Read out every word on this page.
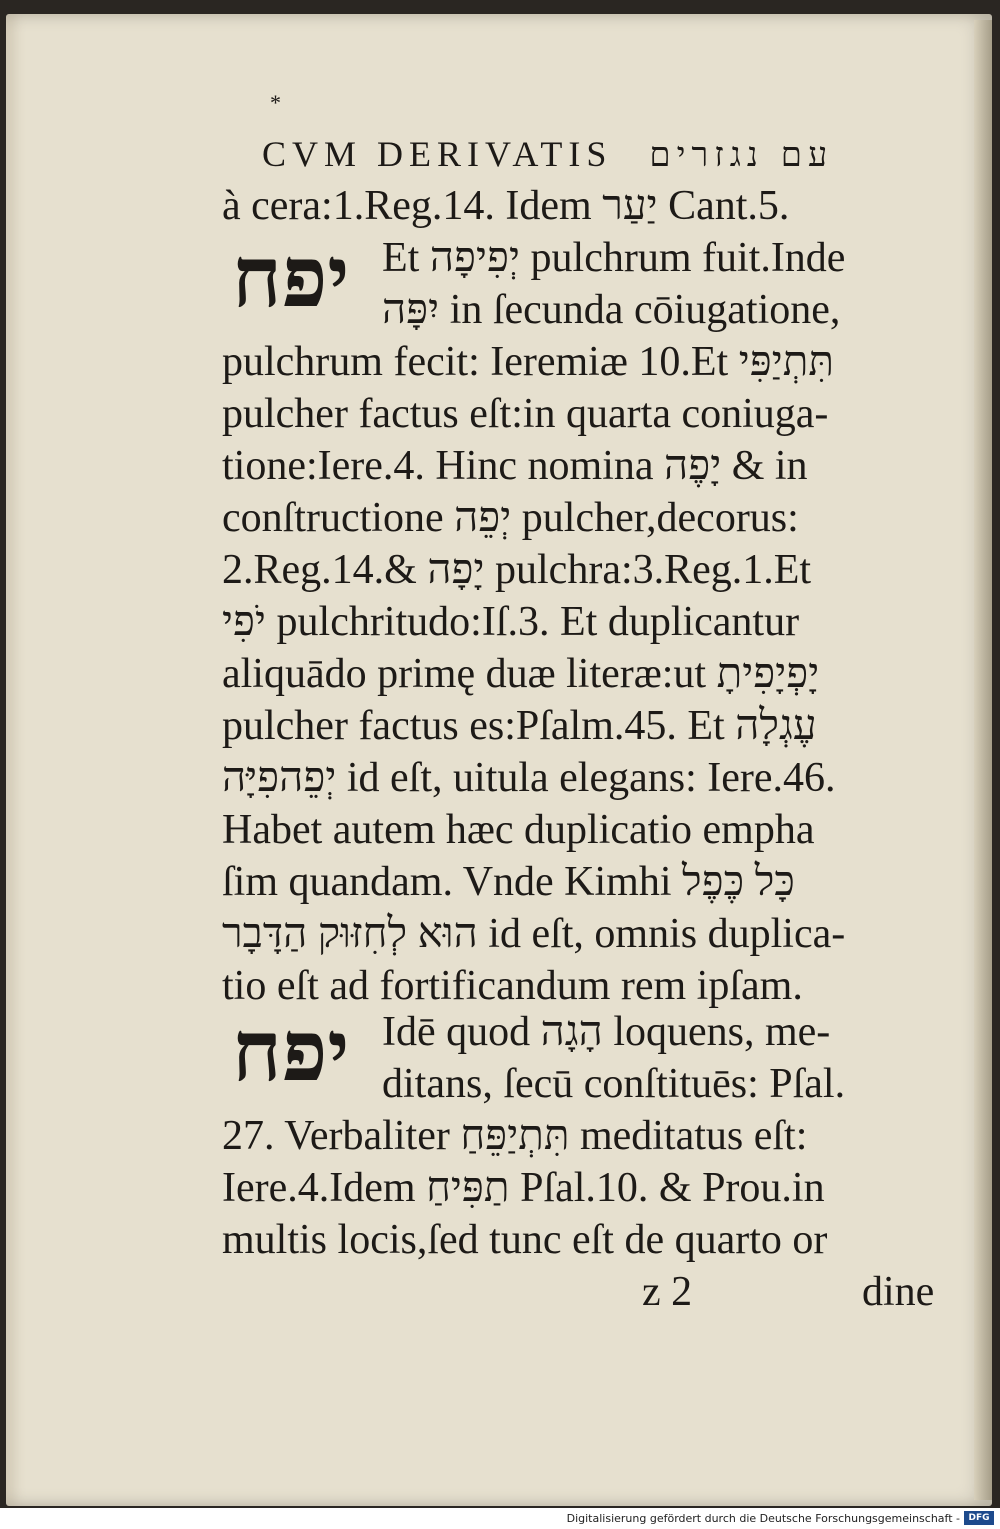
*
CVM DERIVATIS עם נגזרים
à cera:1.Reg.14. Idem יַעַר Cant.5.
יפח Et יְפִיפָה pulchrum fuit.Inde
יִפָּה in ſecunda cōiugatione,
pulchrum fecit: Ieremiæ 10.Et תִּתְיַפִּי
pulcher factus eſt:in quarta coniuga-
tione:Iere.4. Hinc nomina יָפֶה & in
conſtructione יְפֵה pulcher,decorus:
2.Reg.14.& יָפָה pulchra:3.Reg.1.Et
יֹפִי pulchritudo:Iſ.3. Et duplicantur
aliquādo primę duæ literæ:ut יָפְיָפִיתָ
pulcher factus es:Pſalm.45. Et עֶגְלָה
יְפֵהפִיָּה id eſt, uitula elegans: Iere.46.
Habet autem hæc duplicatio empha
ſim quandam. Vnde Kimhi כָּל כֶּפֶל
הוּא לְחִזּוּק הַדָּבָר id eſt, omnis duplica-
tio eſt ad fortificandum rem ipſam.
יפח Idē quod הָגָה loquens, me-
ditans, ſecū conſtituēs: Pſal.
27. Verbaliter תִּתְיַפֵּחַ meditatus eſt:
Iere.4.Idem תַפִּיחַ Pſal.10. & Prou.in
multis locis,ſed tunc eſt de quarto or
z 2	dine
Digitalisierung gefördert durch die Deutsche Forschungsgemeinschaft - DFG
